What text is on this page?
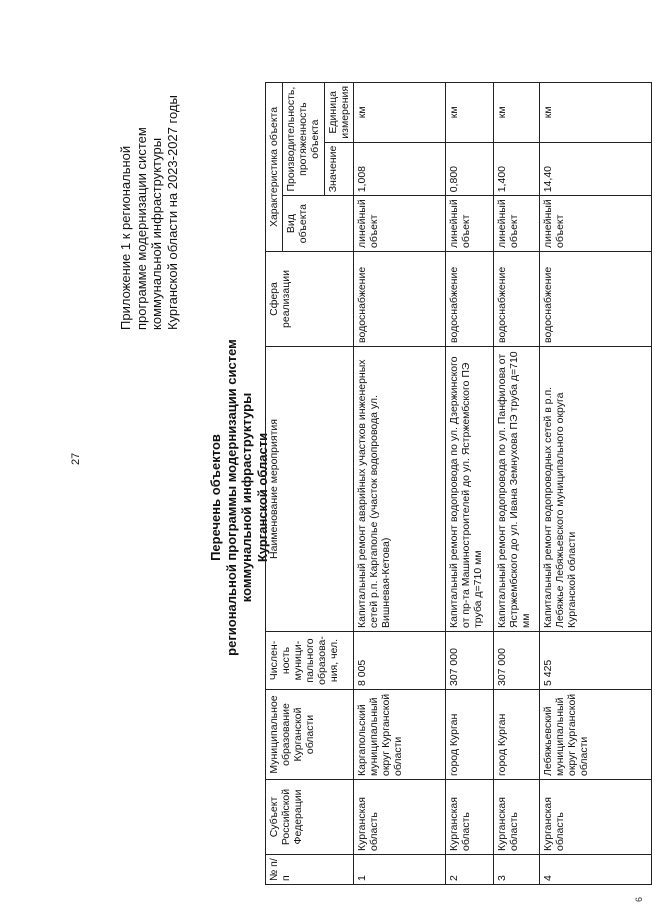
27
Приложение 1 к региональной программе модернизации систем коммунальной инфраструктуры Курганской области на 2023-2027 годы
Перечень объектов региональной программы модернизации систем коммунальной инфраструктуры Курганской области
№ п/п	Субъект Российской Федерации	Муниципальное образование Курганской области	Числен-ность муници-пального образова-ния, чел.	Наименование мероприятия	Сфера реализации	Характеристика объекта		
						Вид объекта	Производительность, протяженность объекта	
							Значение	Единица измерения
1	Курганская область	Каргапольский муниципальный округ Курганской области	8 005	Капитальный ремонт аварийных участков инженерных сетей р.п. Каргаполье (участок водопровода ул. Вишневая-Кетова)	водоснабжение	линейный объект	1,008	км
2	Курганская область	город Курган	307 000	Капитальный ремонт водопровода по ул. Дзержинского от пр-та Машиностроителей до ул. Ястржембского ПЭ труба д=710 мм	водоснабжение	линейный объект	0,800	км
3	Курганская область	город Курган	307 000	Капитальный ремонт водопровода по ул. Панфилова от Ястржембского до ул. Ивана Земнухова ПЭ труба д=710 мм	водоснабжение	линейный объект	1,400	км
4	Курганская область	Лебяжьевский муниципальный округ Курганской области	5 425	Капитальный ремонт водопроводных сетей в р.п. Лебяжье Лебяжьевского муниципального округа Курганской области	водоснабжение	линейный объект	14,40	км
6
